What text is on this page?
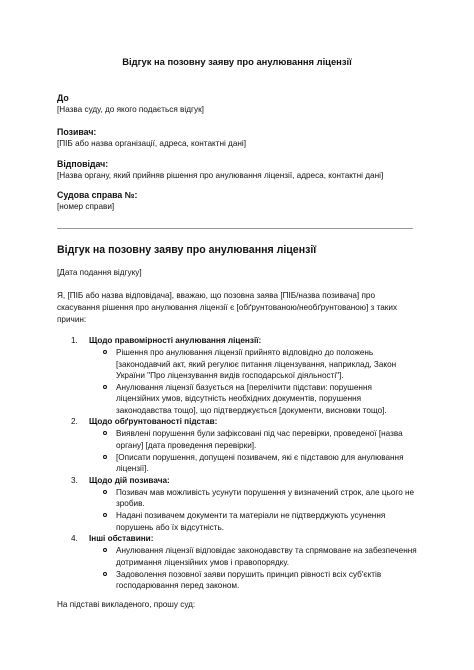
Відгук на позовну заяву про анулювання ліцензії
До
[Назва суду, до якого подається відгук]
Позивач:
[ПІБ або назва організації, адреса, контактні дані]
Відповідач:
[Назва органу, який прийняв рішення про анулювання ліцензії, адреса, контактні дані]
Судова справа №:
[номер справи]
Відгук на позовну заяву про анулювання ліцензії
[Дата подання відгуку]
Я, [ПІБ або назва відповідача], вважаю, що позовна заява [ПІБ/назва позивача] про скасування рішення про анулювання ліцензії є [обґрунтованою/необґрунтованою] з таких причин:
1. Щодо правомірності анулювання ліцензії:
Рішення про анулювання ліцензії прийнято відповідно до положень [законодавчий акт, який регулює питання ліцензування, наприклад, Закон України "Про ліцензування видів господарської діяльності"].
Анулювання ліцензії базується на [перелічити підстави: порушення ліцензійних умов, відсутність необхідних документів, порушення законодавства тощо], що підтверджується [документи, висновки тощо].
2. Щодо обґрунтованості підстав:
Виявлені порушення були зафіксовані під час перевірки, проведеної [назва органу] [дата проведення перевірки].
[Описати порушення, допущені позивачем, які є підставою для анулювання ліцензії].
3. Щодо дій позивача:
Позивач мав можливість усунути порушення у визначений строк, але цього не зробив.
Надані позивачем документи та матеріали не підтверджують усунення порушень або їх відсутність.
4. Інші обставини:
Анулювання ліцензії відповідає законодавству та спрямоване на забезпечення дотримання ліцензійних умов і правопорядку.
Задоволення позовної заяви порушить принцип рівності всіх суб'єктів господарювання перед законом.
На підставі викладеного, прошу суд:
